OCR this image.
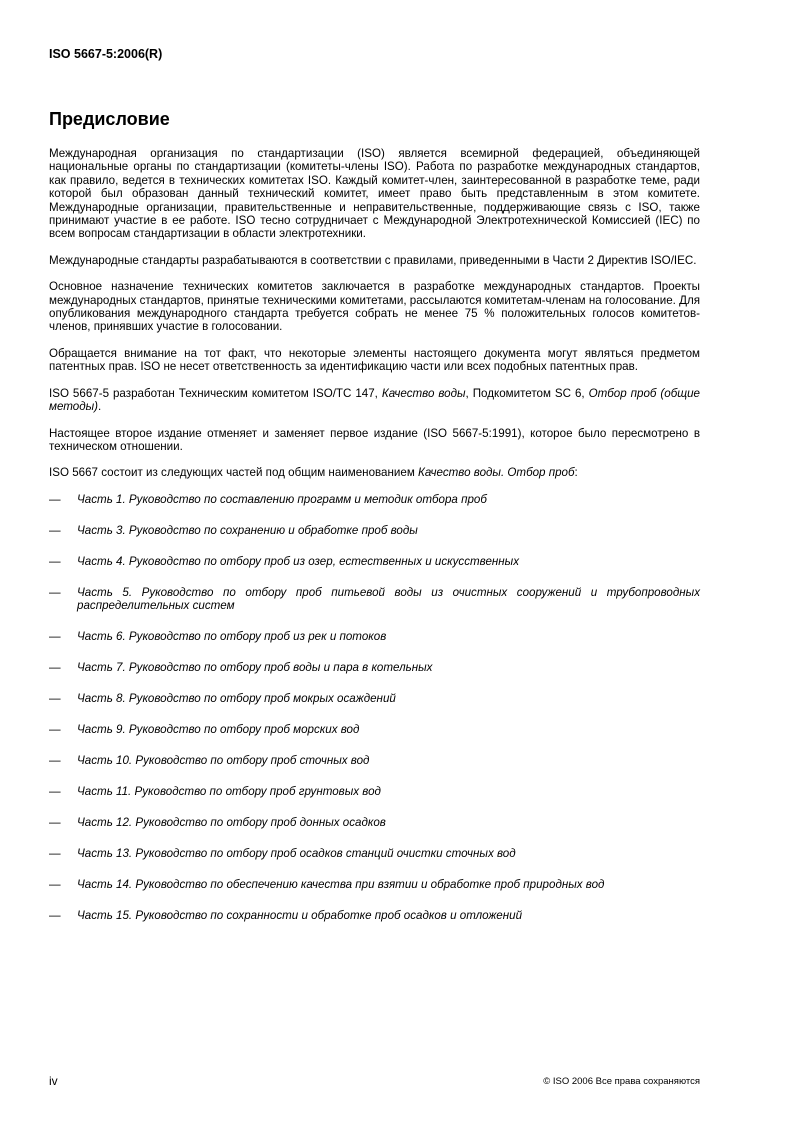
ISO 5667-5:2006(R)
Предисловие

Международная организация по стандартизации (ISO) является всемирной федерацией, объединяющей национальные органы по стандартизации (комитеты-члены ISO). Работа по разработке международных стандартов, как правило, ведется в технических комитетах ISO. Каждый комитет-член, заинтересованной в разработке теме, ради которой был образован данный технический комитет, имеет право быть представленным в этом комитете. Международные организации, правительственные и неправительственные, поддерживающие связь с ISO, также принимают участие в ее работе. ISO тесно сотрудничает с Международной Электротехнической Комиссией (IEC) по всем вопросам стандартизации в области электротехники.

Международные стандарты разрабатываются в соответствии с правилами, приведенными в Части 2 Директив ISO/IEC.

Основное назначение технических комитетов заключается в разработке международных стандартов. Проекты международных стандартов, принятые техническими комитетами, рассылаются комитетам-членам на голосование. Для опубликования международного стандарта требуется собрать не менее 75 % положительных голосов комитетов-членов, принявших участие в голосовании.

Обращается внимание на тот факт, что некоторые элементы настоящего документа могут являться предметом патентных прав. ISO не несет ответственность за идентификацию части или всех подобных патентных прав.

ISO 5667-5 разработан Техническим комитетом ISO/TC 147, Качество воды, Подкомитетом SC 6, Отбор проб (общие методы).

Настоящее второе издание отменяет и заменяет первое издание (ISO 5667-5:1991), которое было пересмотрено в техническом отношении.

ISO 5667 состоит из следующих частей под общим наименованием Качество воды. Отбор проб:

— Часть 1. Руководство по составлению программ и методик отбора проб
— Часть 3. Руководство по сохранению и обработке проб воды
— Часть 4. Руководство по отбору проб из озер, естественных и искусственных
— Часть 5. Руководство по отбору проб питьевой воды из очистных сооружений и трубопроводных распределительных систем
— Часть 6. Руководство по отбору проб из рек и потоков
— Часть 7. Руководство по отбору проб воды и пара в котельных
— Часть 8. Руководство по отбору проб мокрых осаждений
— Часть 9. Руководство по отбору проб морских вод
— Часть 10. Руководство по отбору проб сточных вод
— Часть 11. Руководство по отбору проб грунтовых вод
— Часть 12. Руководство по отбору проб донных осадков
— Часть 13. Руководство по отбору проб осадков станций очистки сточных вод
— Часть 14. Руководство по обеспечению качества при взятии и обработке проб природных вод
— Часть 15. Руководство по сохранности и обработке проб осадков и отложений
iv	© ISO 2006 Все права сохраняются
